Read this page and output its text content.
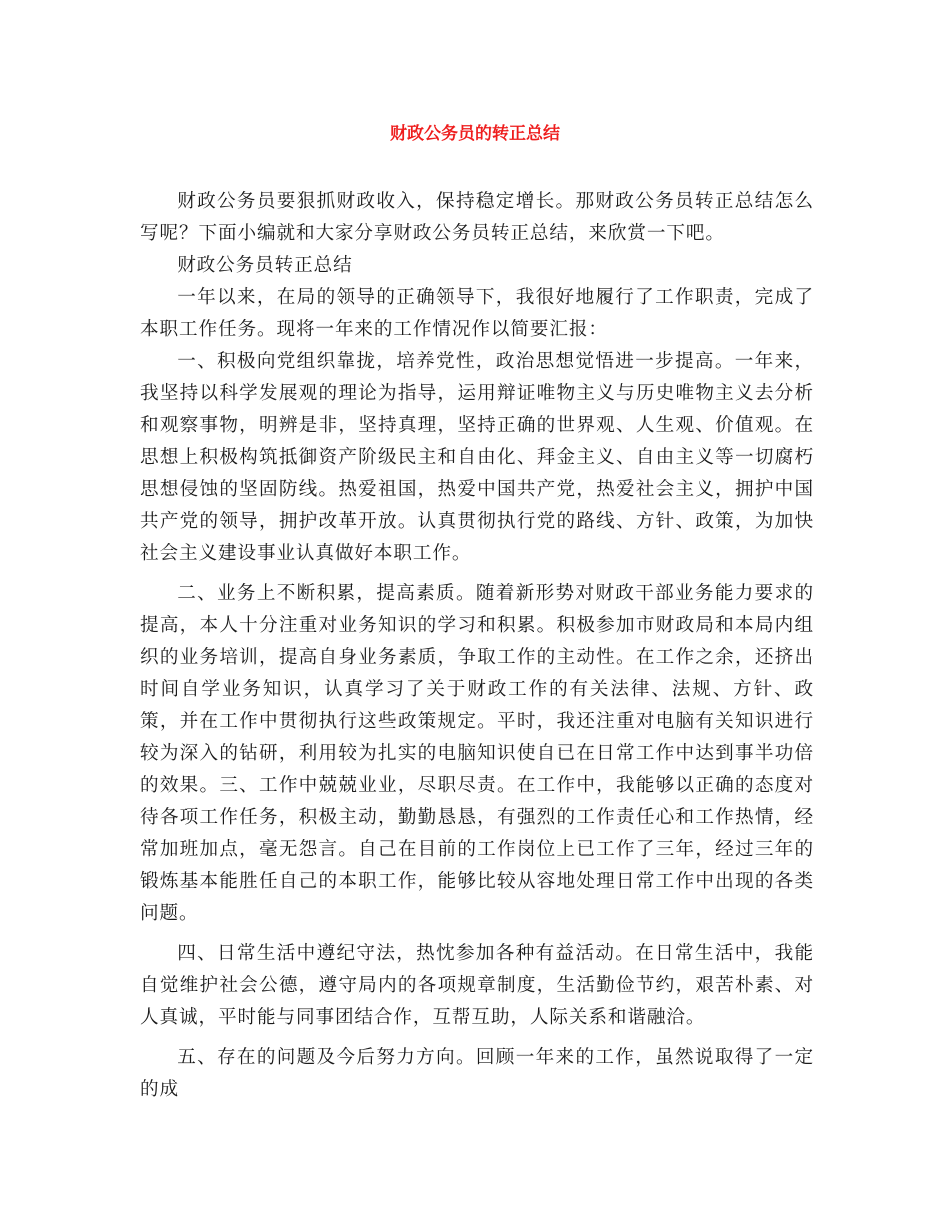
财政公务员的转正总结

财政公务员要狠抓财政收入，保持稳定增长。那财政公务员转正总结怎么写呢？下面小编就和大家分享财政公务员转正总结，来欣赏一下吧。

财政公务员转正总结

一年以来，在局的领导的正确领导下，我很好地履行了工作职责，完成了本职工作任务。现将一年来的工作情况作以简要汇报：

一、积极向党组织靠拢，培养党性，政治思想觉悟进一步提高。一年来，我坚持以科学发展观的理论为指导，运用辩证唯物主义与历史唯物主义去分析和观察事物，明辨是非，坚持真理，坚持正确的世界观、人生观、价值观。在思想上积极构筑抵御资产阶级民主和自由化、拜金主义、自由主义等一切腐朽思想侵蚀的坚固防线。热爱祖国，热爱中国共产党，热爱社会主义，拥护中国共产党的领导，拥护改革开放。认真贯彻执行党的路线、方针、政策，为加快社会主义建设事业认真做好本职工作。

二、业务上不断积累，提高素质。随着新形势对财政干部业务能力要求的提高，本人十分注重对业务知识的学习和积累。积极参加市财政局和本局内组织的业务培训，提高自身业务素质，争取工作的主动性。在工作之余，还挤出时间自学业务知识，认真学习了关于财政工作的有关法律、法规、方针、政策，并在工作中贯彻执行这些政策规定。平时，我还注重对电脑有关知识进行较为深入的钻研，利用较为扎实的电脑知识使自已在日常工作中达到事半功倍的效果。三、工作中兢兢业业，尽职尽责。在工作中，我能够以正确的态度对待各项工作任务，积极主动，勤勤恳恳，有强烈的工作责任心和工作热情，经常加班加点，毫无怨言。自己在目前的工作岗位上已工作了三年，经过三年的锻炼基本能胜任自己的本职工作，能够比较从容地处理日常工作中出现的各类问题。

四、日常生活中遵纪守法，热忱参加各种有益活动。在日常生活中，我能自觉维护社会公德，遵守局内的各项规章制度，生活勤俭节约，艰苦朴素、对人真诚，平时能与同事团结合作，互帮互助，人际关系和谐融洽。

五、存在的问题及今后努力方向。回顾一年来的工作，虽然说取得了一定的成
